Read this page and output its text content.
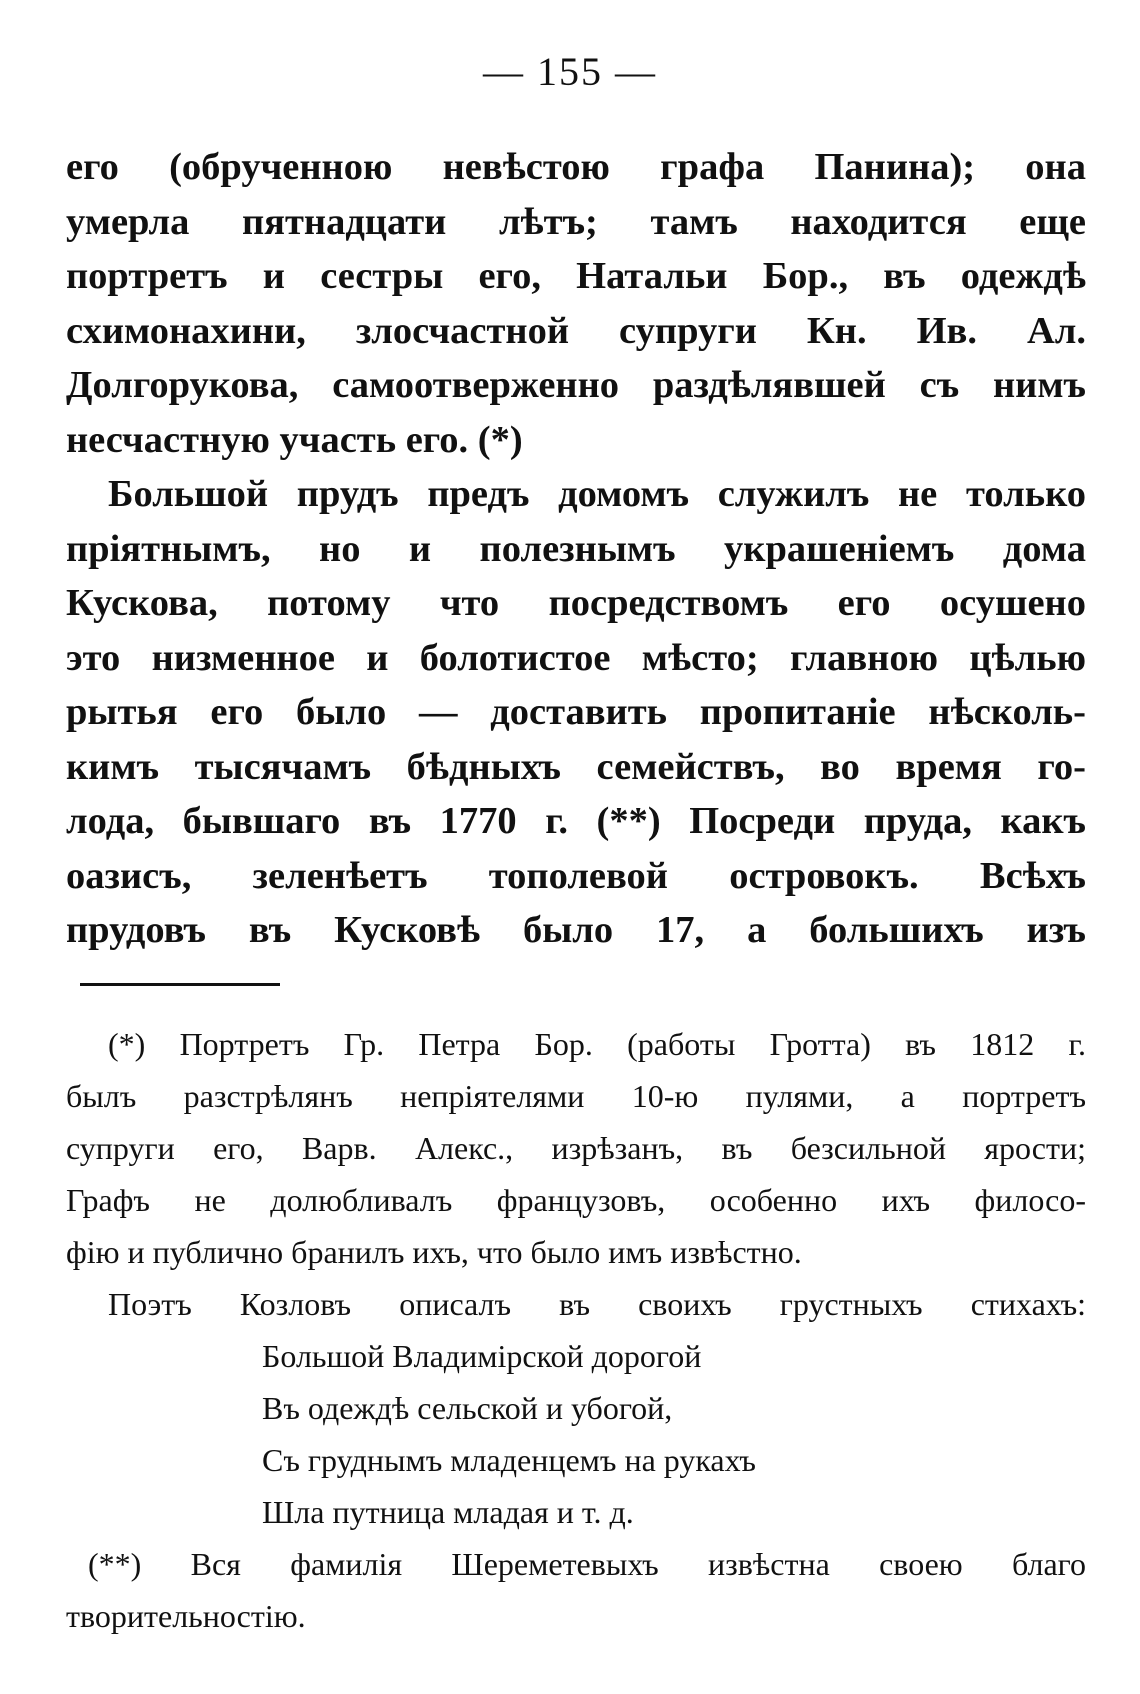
— 155 —
его (обрученною невѣстою графа Панина); она
умерла пятнадцати лѣтъ; тамъ находится еще
портретъ и сестры его, Натальи Бор., въ одеждѣ
схимонахини, злосчастной супруги Кн. Ив. Ал.
Долгорукова, самоотверженно раздѣлявшей съ нимъ
несчастную участь его. (*)
Большой прудъ предъ домомъ служилъ не только
пріятнымъ, но и полезнымъ украшеніемъ дома
Кускова, потому что посредствомъ его осушено
это низменное и болотистое мѣсто; главною цѣлью
рытья его было — доставить пропитаніе нѣсколь-
кимъ тысячамъ бѣдныхъ семействъ, во время го-
лода, бывшаго въ 1770 г. (**) Посреди пруда, какъ
оазисъ, зеленѣетъ тополевой островокъ. Всѣхъ
прудовъ въ Кусковѣ было 17, а большихъ изъ
(*) Портретъ Гр. Петра Бор. (работы Гротта) въ 1812 г.
былъ разстрѣлянъ непріятелями 10-ю пулями, а портретъ
супруги его, Варв. Алекс., изрѣзанъ, въ безсильной ярости;
Графъ не долюбливалъ французовъ, особенно ихъ филосо-
фію и публично бранилъ ихъ, что было имъ извѣстно.
Поэтъ Козловъ описалъ въ своихъ грустныхъ стихахъ:
Большой Владимірской дорогой
Въ одеждѣ сельской и убогой,
Съ груднымъ младенцемъ на рукахъ
Шла путница младая и т. д.
(**) Вся фамилія Шереметевыхъ извѣстна своею благо
творительностію.
